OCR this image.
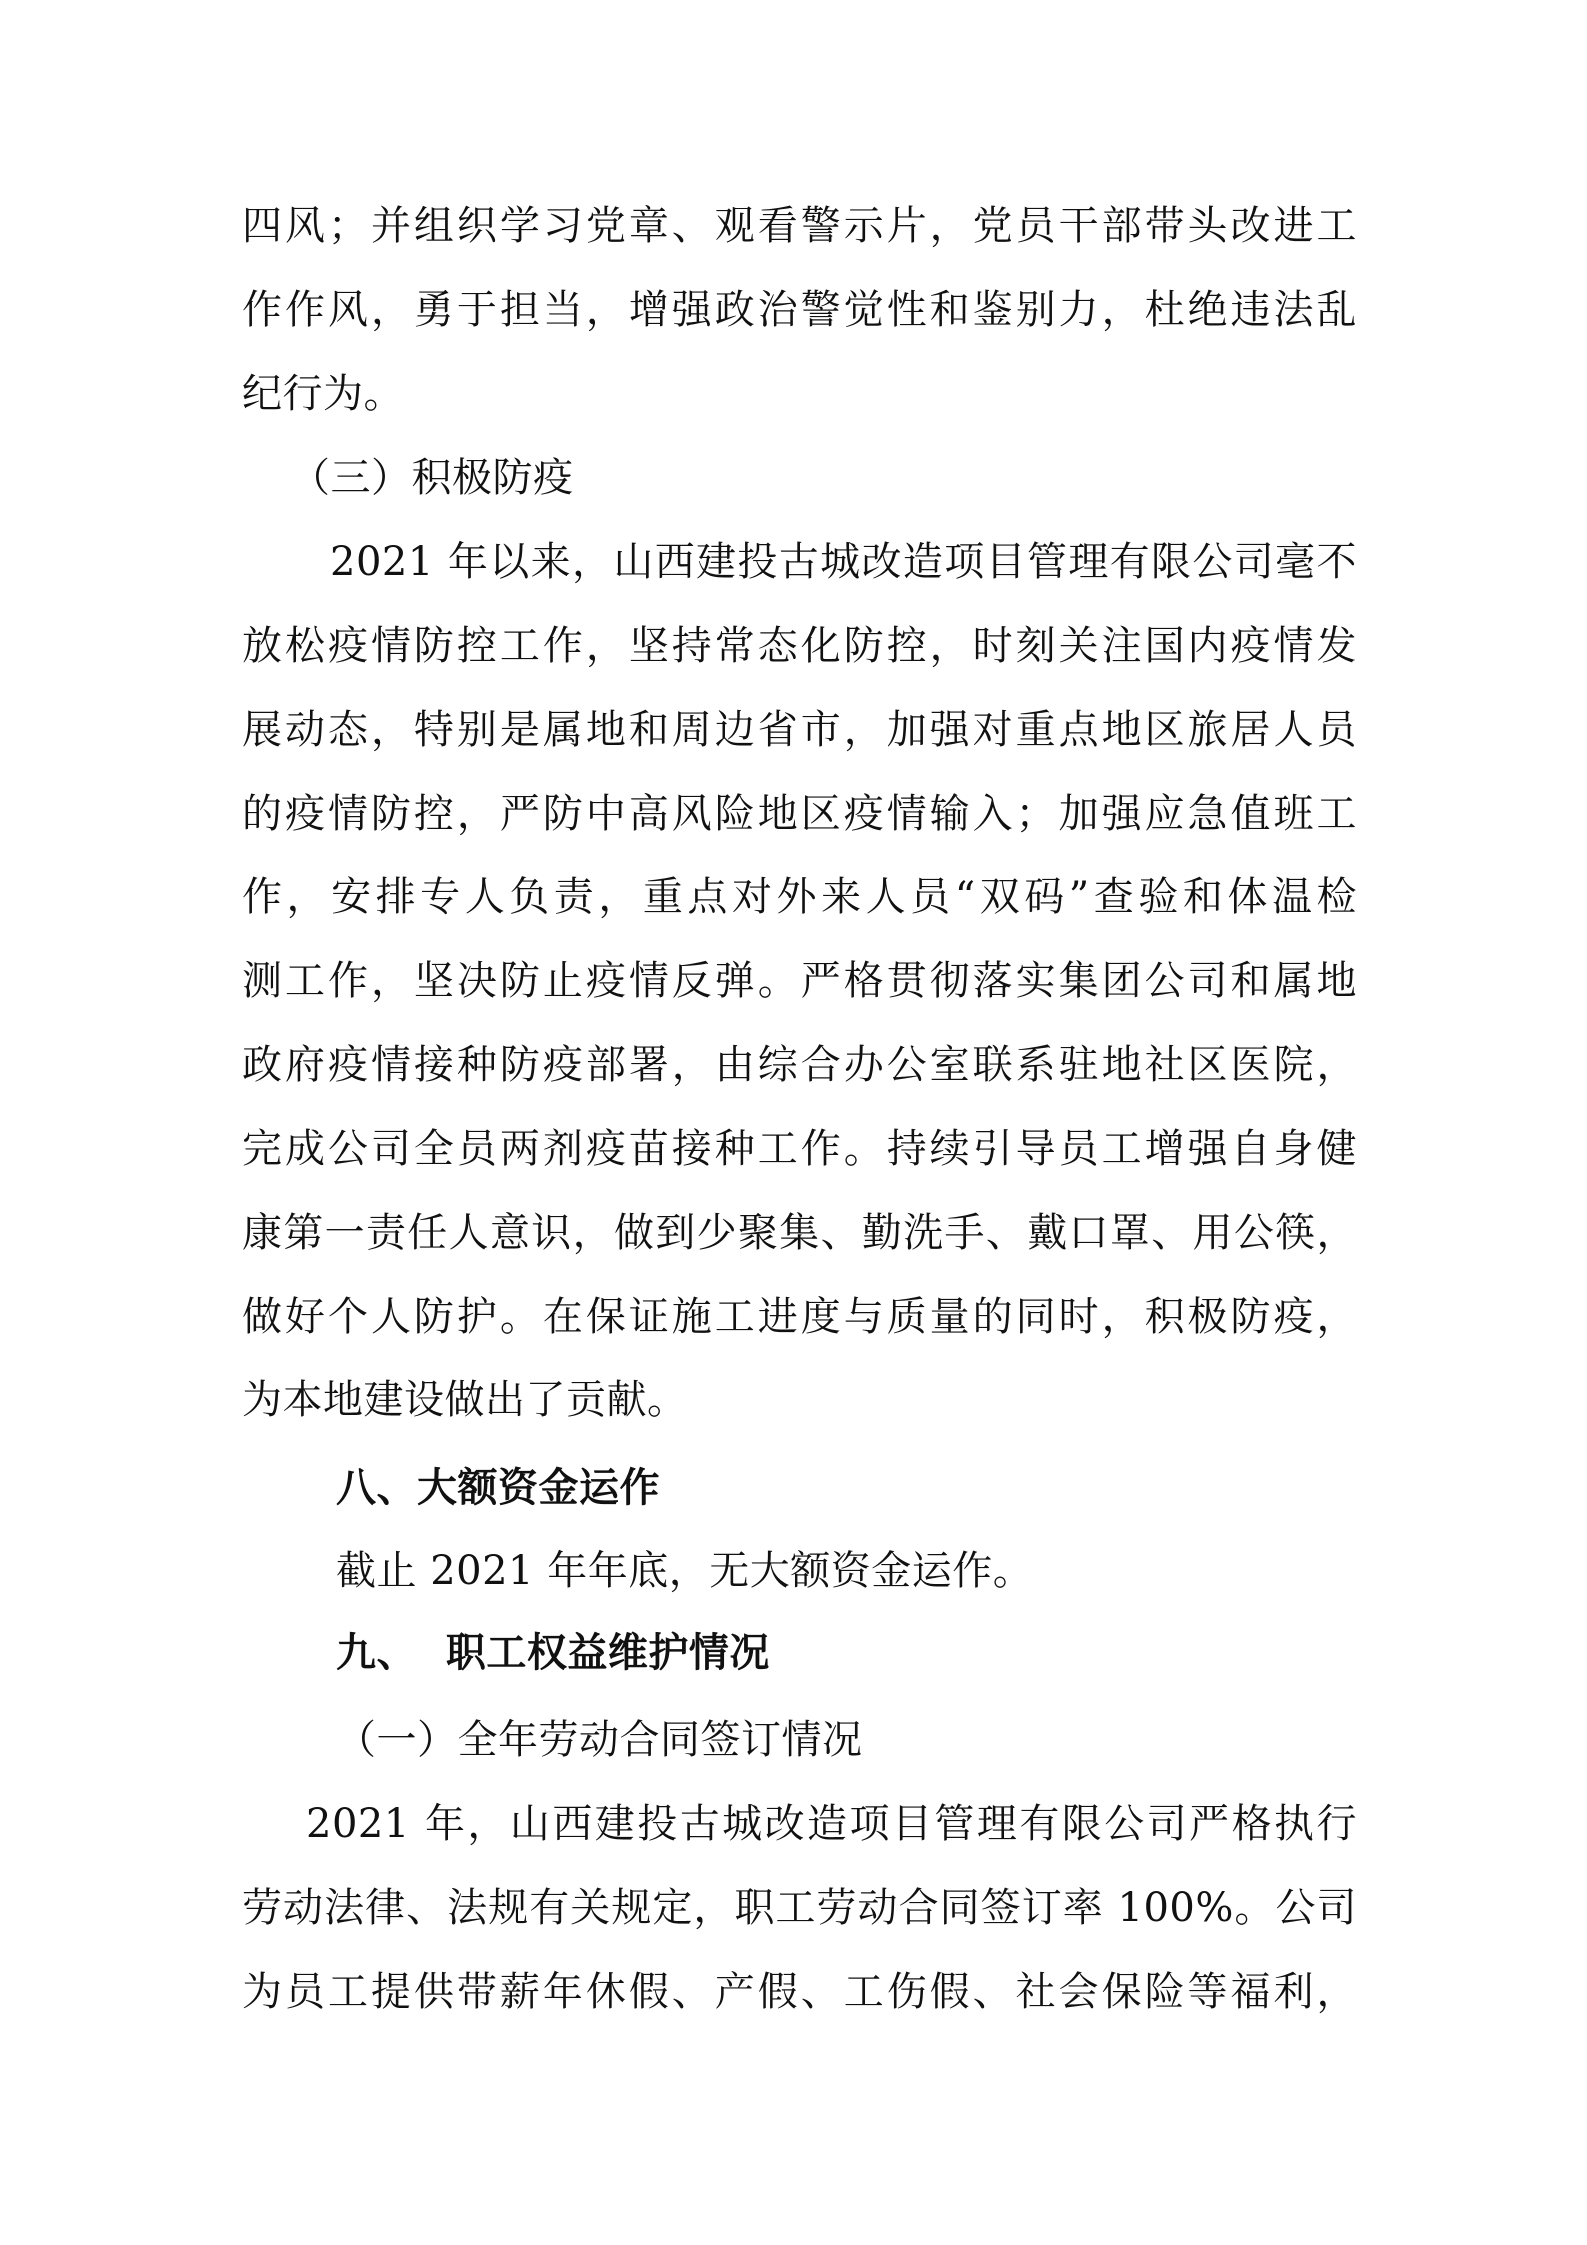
四风；并组织学习党章、观看警示片，党员干部带头改进工
作作风，勇于担当，增强政治警觉性和鉴别力，杜绝违法乱
纪行为。
（三）积极防疫
2021 年以来，山西建投古城改造项目管理有限公司毫不
放松疫情防控工作，坚持常态化防控，时刻关注国内疫情发
展动态，特别是属地和周边省市，加强对重点地区旅居人员
的疫情防控，严防中高风险地区疫情输入；加强应急值班工
作，安排专人负责，重点对外来人员“双码”查验和体温检
测工作，坚决防止疫情反弹。严格贯彻落实集团公司和属地
政府疫情接种防疫部署，由综合办公室联系驻地社区医院，
完成公司全员两剂疫苗接种工作。持续引导员工增强自身健
康第一责任人意识，做到少聚集、勤洗手、戴口罩、用公筷，
做好个人防护。在保证施工进度与质量的同时，积极防疫，
为本地建设做出了贡献。
八、大额资金运作
截止 2021 年年底，无大额资金运作。
九、  职工权益维护情况
（一）全年劳动合同签订情况
2021 年，山西建投古城改造项目管理有限公司严格执行
劳动法律、法规有关规定，职工劳动合同签订率 100%。公司
为员工提供带薪年休假、产假、工伤假、社会保险等福利，
